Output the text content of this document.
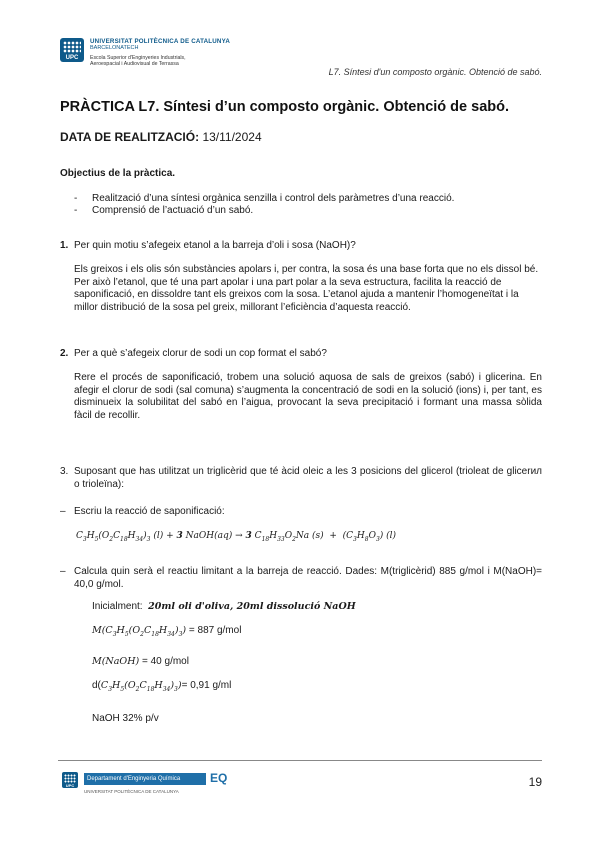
UPC
UNIVERSITAT POLITÈCNICA DE CATALUNYA
BARCELONATECH
Escola Superior d'Enginyeries Industrials,
Aeroespacial i Audiovisual de Terrassa
L7. Síntesi d'un composto orgànic. Obtenció de sabó.
PRÀCTICA L7. Síntesi d’un composto orgànic. Obtenció de sabó.
DATA DE REALITZACIÓ: 13/11/2024
Objectius de la pràctica.
- Realització d’una síntesi orgànica senzilla i control dels paràmetres d’una reacció.
- Comprensió de l’actuació d’un sabó.
1. Per quin motiu s’afegeix etanol a la barreja d’oli i sosa (NaOH)?
Els greixos i els olis són substàncies apolars i, per contra, la sosa és una base forta que no els dissol bé. Per això l’etanol, que té una part apolar i una part polar a la seva estructura, facilita la reacció de saponificació, en dissoldre tant els greixos com la sosa. L’etanol ajuda a mantenir l’homogeneïtat i la millor distribució de la sosa pel greix, millorant l’eficiència d’aquesta reacció.
2. Per a què s’afegeix clorur de sodi un cop format el sabó?
Rere el procés de saponificació, trobem una solució aquosa de sals de greixos (sabó) i glicerina. En afegir el clorur de sodi (sal comuna) s’augmenta la concentració de sodi en la solució (ions) i, per tant, es disminueix la solubilitat del sabó en l’aigua, provocant la seva precipitació i formant una massa sòlida fàcil de recollir.
3. Suposant que has utilitzat un triglicèrid que té àcid oleic a les 3 posicions del glicerol (trioleat de glicerил o trioleïna):
– Escriu la reacció de saponificació:
$C_3H_5(O_2C_{18}H_{34})_3$ (l) + 3 NaOH(aq) → 3 $C_{18}H_{33}O_2Na$ $(s) + (C_3H_8O_3)$ (l)
– Calcula quin serà el reactiu limitant a la barreja de reacció. Dades: M(triglicèrid) 885 g/mol i M(NaOH)= 40,0 g/mol.
Inicialment: 20ml oli d'oliva, 20ml dissolució NaOH
$M(C_3H_5(O_2C_{18}H_{34})_3) = 887$ g/mol
M(NaOH) = 40 g/mol
$d(C_3H_5(O_2C_{18}H_{34})_3)= 0,91$ g/ml
NaOH 32% p/v
UPC
Departament d'Enginyeria Química	EQ
UNIVERSITAT POLITÈCNICA DE CATALUNYA
19
